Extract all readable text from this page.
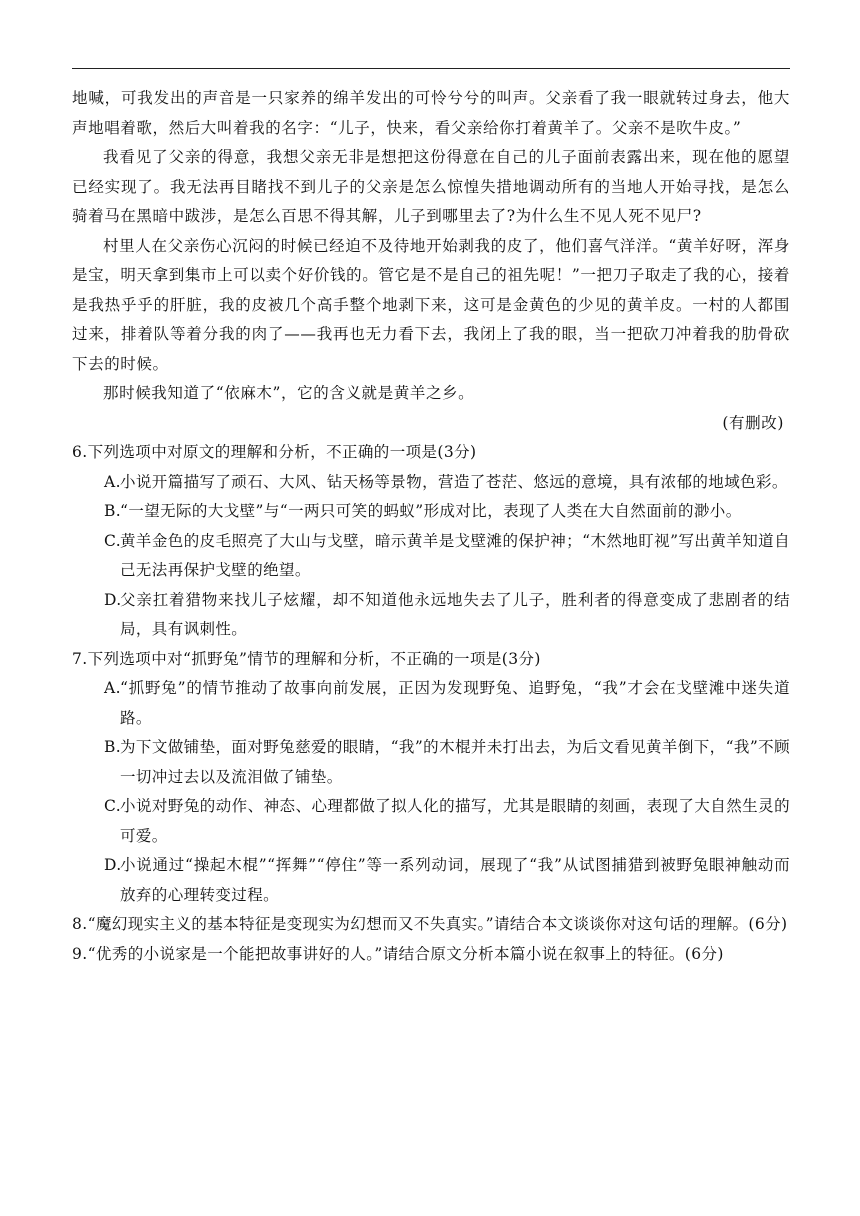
地喊，可我发出的声音是一只家养的绵羊发出的可怜兮兮的叫声。父亲看了我一眼就转过身去，他大声地唱着歌，然后大叫着我的名字：“儿子，快来，看父亲给你打着黄羊了。父亲不是吹牛皮。”

我看见了父亲的得意，我想父亲无非是想把这份得意在自己的儿子面前表露出来，现在他的愿望已经实现了。我无法再目睹找不到儿子的父亲是怎么惊惶失措地调动所有的当地人开始寻找，是怎么骑着马在黑暗中跋涉，是怎么百思不得其解，儿子到哪里去了?为什么生不见人死不见尸?

村里人在父亲伤心沉闷的时候已经迫不及待地开始剥我的皮了，他们喜气洋洋。“黄羊好呀，浑身是宝，明天拿到集市上可以卖个好价钱的。管它是不是自己的祖先呢！”一把刀子取走了我的心，接着是我热乎乎的肝脏，我的皮被几个高手整个地剥下来，这可是金黄色的少见的黄羊皮。一村的人都围过来，排着队等着分我的肉了——我再也无力看下去，我闭上了我的眼，当一把砍刀冲着我的肋骨砍下去的时候。

那时候我知道了“依麻木”，它的含义就是黄羊之乡。

(有删改)

6. 下列选项中对原文的理解和分析，不正确的一项是(3分)
A. 小说开篇描写了顽石、大风、钻天杨等景物，营造了苍茫、悠远的意境，具有浓郁的地域色彩。
B.
“一望无际的大戈壁”与“一两只可笑的蚂蚁”形成对比，表现了人类在大自然面前的渺小。
C.
黄羊金色的皮毛照亮了大山与戈壁，暗示黄羊是戈壁滩的保护神；“木然地盯视”写出黄羊知道自己无法再保护戈壁的绝望。
D.
父亲扛着猎物来找儿子炫耀，却不知道他永远地失去了儿子，胜利者的得意变成了悲剧者的结局，具有讽刺性。
7. 下列选项中对“抓野兔”情节的理解和分析，不正确的一项是(3分)
A. “抓野兔”的情节推动了故事向前发展，正因为发现野兔、追野兔，“我”才会在戈壁滩中迷失道路。
B.
为下文做铺垫，面对野兔慈爱的眼睛，“我”的木棍并未打出去，为后文看见黄羊倒下，“我”不顾一切冲过去以及流泪做了铺垫。
C.
小说对野兔的动作、神态、心理都做了拟人化的描写，尤其是眼睛的刻画，表现了大自然生灵的可爱。
D.
小说通过“操起木棍”“挥舞”“停住”等一系列动词，展现了“我”从试图捕猎到被野兔眼神触动而放弃的心理转变过程。
8. “魔幻现实主义的基本特征是变现实为幻想而又不失真实。”请结合本文谈谈你对这句话的理解。(6分)
9. “优秀的小说家是一个能把故事讲好的人。”请结合原文分析本篇小说在叙事上的特征。(6分)
